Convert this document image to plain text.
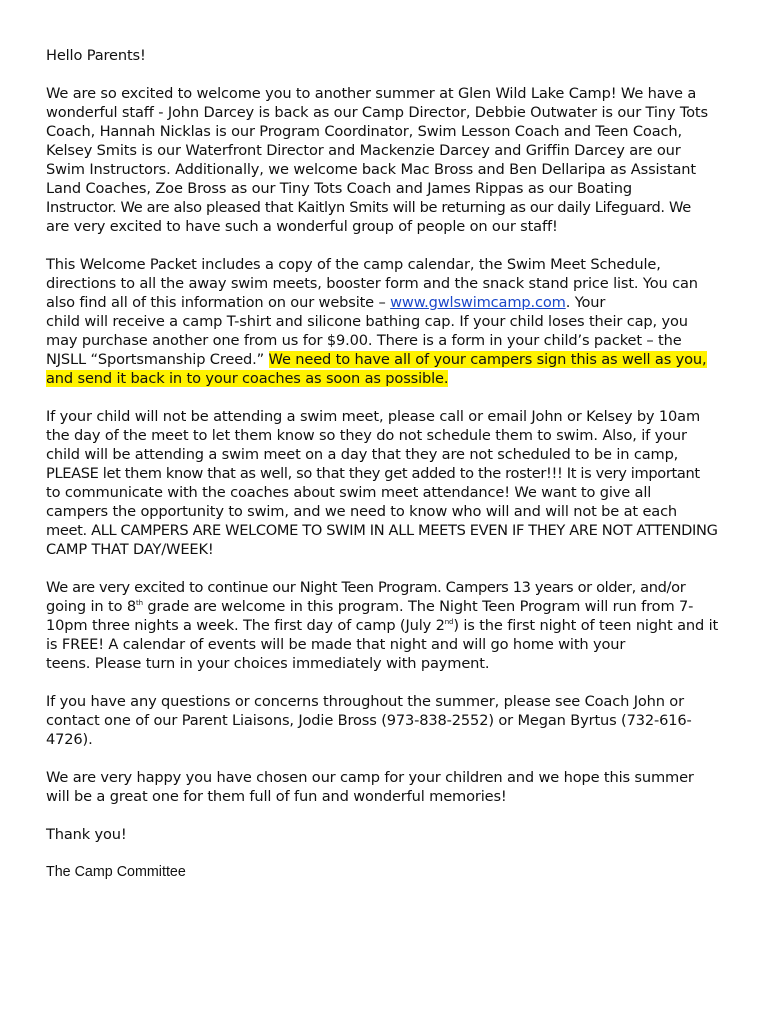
Hello Parents!

We are so excited to welcome you to another summer at Glen Wild Lake Camp! We have a
wonderful staff - John Darcey is back as our Camp Director, Debbie Outwater is our Tiny Tots
Coach, Hannah Nicklas is our Program Coordinator, Swim Lesson Coach and Teen Coach,
Kelsey Smits is our Waterfront Director and Mackenzie Darcey and Griffin Darcey are our
Swim Instructors. Additionally, we welcome back Mac Bross and Ben Dellaripa as Assistant
Land Coaches, Zoe Bross as our Tiny Tots Coach and James Rippas as our Boating
Instructor. We are also pleased that Kaitlyn Smits will be returning as our daily Lifeguard. We
are very excited to have such a wonderful group of people on our staff!

This Welcome Packet includes a copy of the camp calendar, the Swim Meet Schedule,
directions to all the away swim meets, booster form and the snack stand price list. You can
also find all of this information on our website – www.gwlswimcamp.com. Your
child will receive a camp T-shirt and silicone bathing cap. If your child loses their cap, you
may purchase another one from us for $9.00. There is a form in your child’s packet – the
NJSLL “Sportsmanship Creed.” We need to have all of your campers sign this as well as you,
and send it back in to your coaches as soon as possible.

If your child will not be attending a swim meet, please call or email John or Kelsey by 10am
the day of the meet to let them know so they do not schedule them to swim. Also, if your
child will be attending a swim meet on a day that they are not scheduled to be in camp,
PLEASE let them know that as well, so that they get added to the roster!!! It is very important
to communicate with the coaches about swim meet attendance! We want to give all
campers the opportunity to swim, and we need to know who will and will not be at each
meet. ALL CAMPERS ARE WELCOME TO SWIM IN ALL MEETS EVEN IF THEY ARE NOT ATTENDING
CAMP THAT DAY/WEEK!

We are very excited to continue our Night Teen Program. Campers 13 years or older, and/or
going in to 8th grade are welcome in this program. The Night Teen Program will run from 7-
10pm three nights a week. The first day of camp (July 2nd) is the first night of teen night and it
is FREE! A calendar of events will be made that night and will go home with your
teens. Please turn in your choices immediately with payment.

If you have any questions or concerns throughout the summer, please see Coach John or
contact one of our Parent Liaisons, Jodie Bross (973-838-2552) or Megan Byrtus (732-616-
4726).

We are very happy you have chosen our camp for your children and we hope this summer
will be a great one for them full of fun and wonderful memories!

Thank you!

The Camp Committee
